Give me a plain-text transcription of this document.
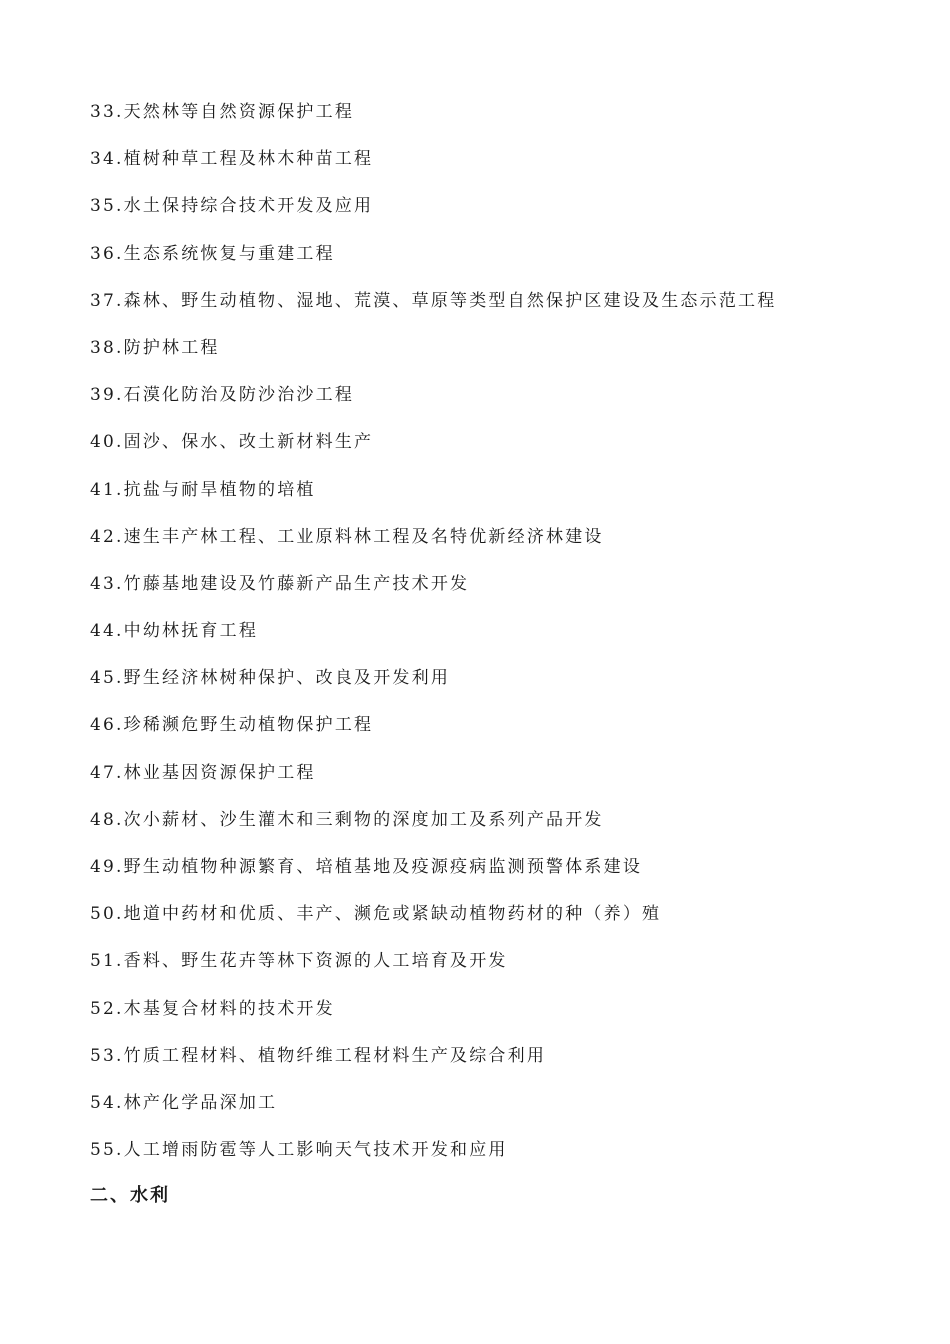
33.天然林等自然资源保护工程
34.植树种草工程及林木种苗工程
35.水土保持综合技术开发及应用
36.生态系统恢复与重建工程
37.森林、野生动植物、湿地、荒漠、草原等类型自然保护区建设及生态示范工程
38.防护林工程
39.石漠化防治及防沙治沙工程
40.固沙、保水、改土新材料生产
41.抗盐与耐旱植物的培植
42.速生丰产林工程、工业原料林工程及名特优新经济林建设
43.竹藤基地建设及竹藤新产品生产技术开发
44.中幼林抚育工程
45.野生经济林树种保护、改良及开发利用
46.珍稀濒危野生动植物保护工程
47.林业基因资源保护工程
48.次小薪材、沙生灌木和三剩物的深度加工及系列产品开发
49.野生动植物种源繁育、培植基地及疫源疫病监测预警体系建设
50.地道中药材和优质、丰产、濒危或紧缺动植物药材的种（养）殖
51.香料、野生花卉等林下资源的人工培育及开发
52.木基复合材料的技术开发
53.竹质工程材料、植物纤维工程材料生产及综合利用
54.林产化学品深加工
55.人工增雨防雹等人工影响天气技术开发和应用
二、水利
